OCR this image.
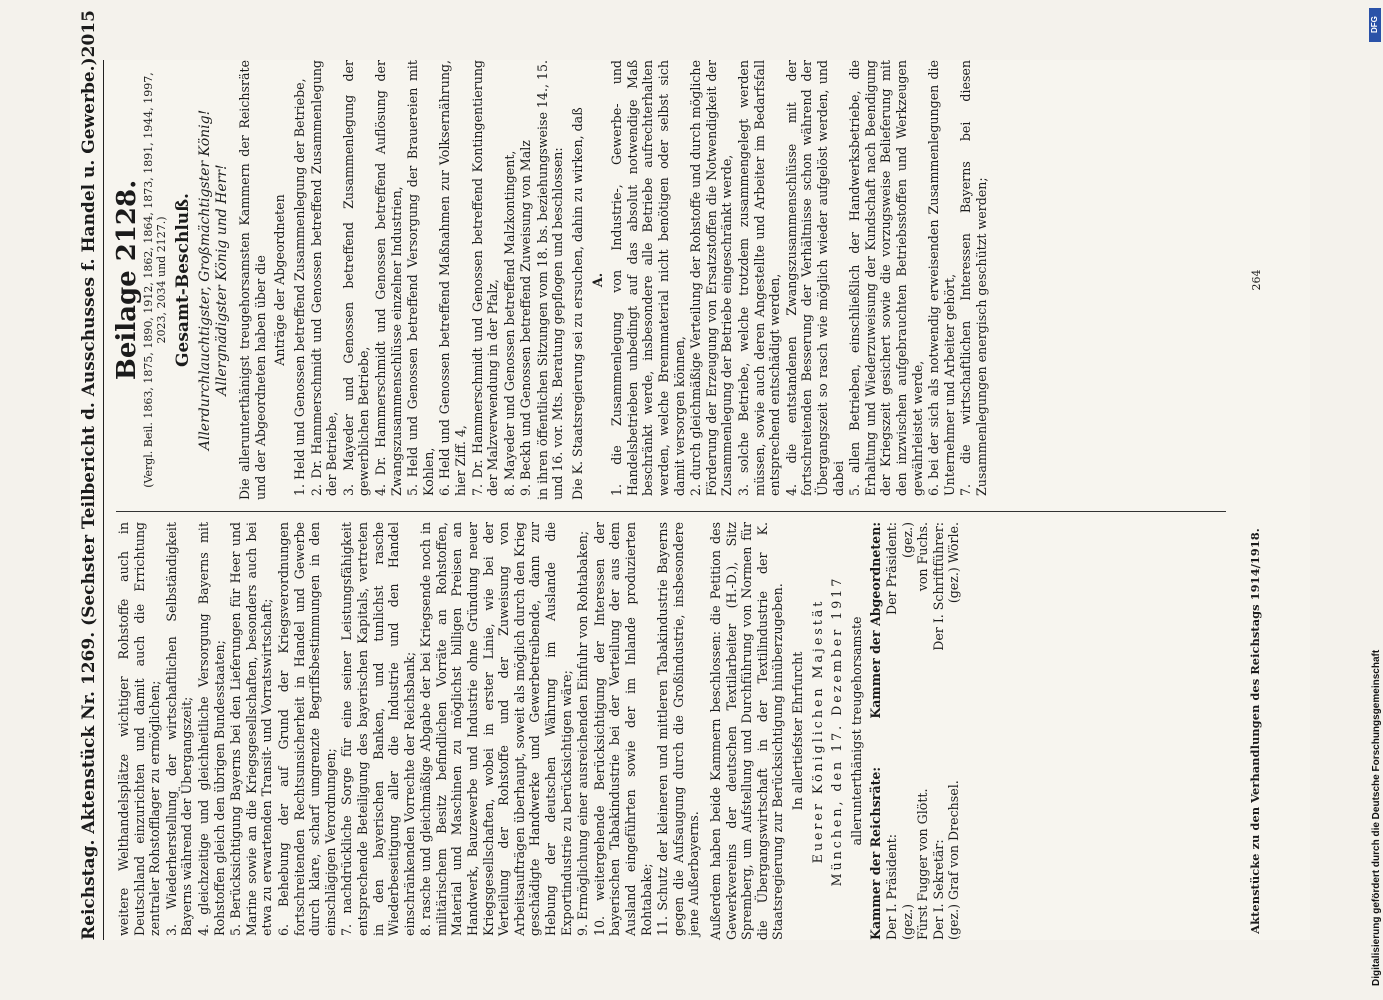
Reichstag. Aktenstück Nr. 1269. (Sechster Teilbericht d. Ausschusses f. Handel u. Gewerbe.)
2015
weitere Welthandelsplätze wichtiger Rohstoffe auch in Deutschland einzurichten und damit auch die Errichtung zentraler Rohstofflager zu ermöglichen; 3. Wiederherstellung der wirtschaftlichen Selbständigkeit Bayerns während der Übergangszeit; 4. gleichzeitige und gleichheitliche Versorgung Bayerns mit Rohstoffen gleich den übrigen Bundesstaaten; 5. Berücksichtigung Bayerns bei den Lieferungen für Heer und Marine sowie an die Kriegsgesellschaften, besonders auch bei etwa zu erwartenden Transit- und Vorratswirtschaft; 6. Behebung der auf Grund der Kriegsverordnungen fortschreitenden Rechtsunsicherheit in Handel und Gewerbe durch klare, scharf umgrenzte Begriffsbestimmungen in den einschlägigen Verordnungen; 7. nachdrückliche Sorge für eine seiner Leistungsfähigkeit entsprechende Beteiligung des bayerischen Kapitals, vertreten in den bayerischen Banken, und tunlichst rasche Wiederbeseitigung aller die Industrie und den Handel einschränkenden Vorrechte der Reichsbank; 8. rasche und gleichmäßige Abgabe der bei Kriegsende noch in militärischem Besitz befindlichen Vorräte an Rohstoffen, Material und Maschinen zu möglichst billigen Preisen an Handwerk, Bauzewerbe und Industrie ohne Gründung neuer Kriegsgesellschaften, wobei in erster Linie, wie bei der Verteilung der Rohstoffe und der Zuweisung von Arbeitsaufträgen überhaupt, soweit als möglich durch den Krieg geschädigte Handwerke und Gewerbetreibende, dann zur Hebung der deutschen Währung im Auslande die Exportindustrie zu berücksichtigen wäre; 9. Ermöglichung einer ausreichenden Einfuhr von Rohtabaken; 10. weitergehende Berücksichtigung der Interessen der bayerischen Tabakindustrie bei der Verteilung der aus dem Ausland eingeführten sowie der im Inlande produzierten Rohtabake; 11. Schutz der kleineren und mittleren Tabakindustrie Bayerns gegen die Aufsaugung durch die Großindustrie, insbesondere jene Außerbayerns. Außerdem haben beide Kammern beschlossen: die Petition des Gewerkvereins der deutschen Textilarbeiter (H.-D.), Sitz Spremberg, um Aufstellung und Durchführung von Normen für die Übergangswirtschaft in der Textilindustrie der K. Staatsregierung zur Berücksichtigung hinüberzugeben. In allertiefster Ehrfurcht Euerer Königlichen Majestät München, den 17. Dezember 1917 allerunterthänigst treugehorsamste

Kammer der Reichsräte:
Kammer der Abgeordneten:
Der I. Präsident:
Der Präsident:
(gez.)
(gez.)
Fürst Fugger von Glött.
von Fuchs.
Der I. Sekretär:
Der I. Schriftführer:
(gez.) Graf von Drechsel.
(gez.) Wörle.
Beilage 2128. (Vergl. Beil. 1863, 1875, 1890, 1912, 1862, 1864, 1873, 1891, 1944, 1997, 2023, 2034 und 2127.) Gesamt-Beschluß. Allerdurchlauchtigster, Großmächtigster König! Allergnädigster König und Herr! Die allerunterthänigst treugehorsamsten Kammern der Reichsräte und der Abgeordneten haben über die Anträge der Abgeordneten 1. Held und Genossen betreffend Zusammenlegung der Betriebe, 2. Dr. Hammerschmidt und Genossen betreffend Zusammenlegung der Betriebe, 3. Mayeder und Genossen betreffend Zusammenlegung der gewerblichen Betriebe, 4. Dr. Hammerschmidt und Genossen betreffend Auflösung der Zwangszusammenschlüsse einzelner Industrien, 5. Held und Genossen betreffend Versorgung der Brauereien mit Kohlen, 6. Held und Genossen betreffend Maßnahmen zur Volksernährung, hier Ziff. 4, 7. Dr. Hammerschmidt und Genossen betreffend Kontingentierung der Malzverwendung in der Pfalz, 8. Mayeder und Genossen betreffend Malzkontingent, 9. Beckh und Genossen betreffend Zuweisung von Malz in ihren öffentlichen Sitzungen vom 18. bs. beziehungsweise 14., 15. und 16. vor. Mts. Beratung gepflogen und beschlossen: Die K. Staatsregierung sei zu ersuchen, dahin zu wirken, daß A. 1. die Zusammenlegung von Industrie-, Gewerbe- und Handelsbetrieben unbedingt auf das absolut notwendige Maß beschränkt werde, insbesondere alle Betriebe aufrechterhalten werden, welche Brennmaterial nicht benötigen oder selbst sich damit versorgen können, 2. durch gleichmäßige Verteilung der Rohstoffe und durch mögliche Förderung der Erzeugung von Ersatzstoffen die Notwendigkeit der Zusammenlegung der Betriebe eingeschränkt werde, 3. solche Betriebe, welche trotzdem zusammengelegt werden müssen, sowie auch deren Angestellte und Arbeiter im Bedarfsfall entsprechend entschädigt werden, 4. die entstandenen Zwangszusammenschlüsse mit der fortschreitenden Besserung der Verhältnisse schon während der Übergangszeit so rasch wie möglich wieder aufgelöst werden, und dabei 5. allen Betrieben, einschließlich der Handwerksbetriebe, die Erhaltung und Wiederzuweisung der Kundschaft nach Beendigung der Kriegszeit gesichert sowie die vorzugsweise Belieferung mit den inzwischen aufgebrauchten Betriebsstoffen und Werkzeugen gewährleistet werde, 6. bei der sich als notwendig erweisenden Zusammenlegungen die Unternehmer und Arbeiter gehört, 7. die wirtschaftlichen Interessen Bayerns bei diesen Zusammenlegungen energisch geschützt werden;
Aktenstücke zu den Verhandlungen des Reichstags 1914/1918.
264
DFG
Digitalisierung gefördert durch die Deutsche Forschungsgemeinschaft
